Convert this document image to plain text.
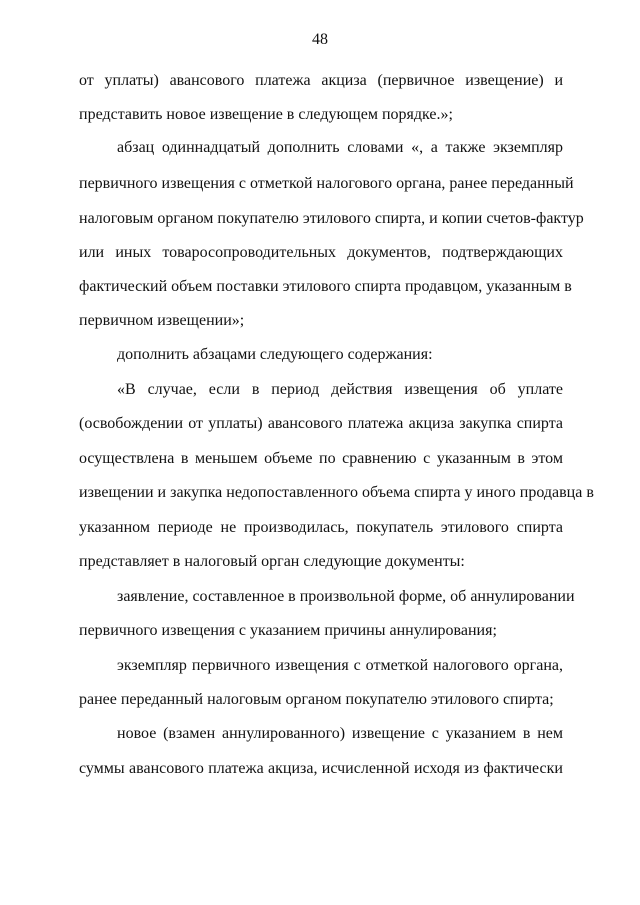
48
от уплаты) авансового платежа акциза (первичное извещение) и
представить новое извещение в следующем порядке.»;
абзац одиннадцатый дополнить словами «, а также экземпляр
первичного извещения с отметкой налогового органа, ранее переданный
налоговым органом покупателю этилового спирта, и копии счетов-фактур
или иных товаросопроводительных документов, подтверждающих
фактический объем поставки этилового спирта продавцом, указанным в
первичном извещении»;
дополнить абзацами следующего содержания:
«В случае, если в период действия извещения об уплате
(освобождении от уплаты) авансового платежа акциза закупка спирта
осуществлена в меньшем объеме по сравнению с указанным в этом
извещении и закупка недопоставленного объема спирта у иного продавца в
указанном периоде не производилась, покупатель этилового спирта
представляет в налоговый орган следующие документы:
заявление, составленное в произвольной форме, об аннулировании
первичного извещения с указанием причины аннулирования;
экземпляр первичного извещения с отметкой налогового органа,
ранее переданный налоговым органом покупателю этилового спирта;
новое (взамен аннулированного) извещение с указанием в нем
суммы авансового платежа акциза, исчисленной исходя из фактически
